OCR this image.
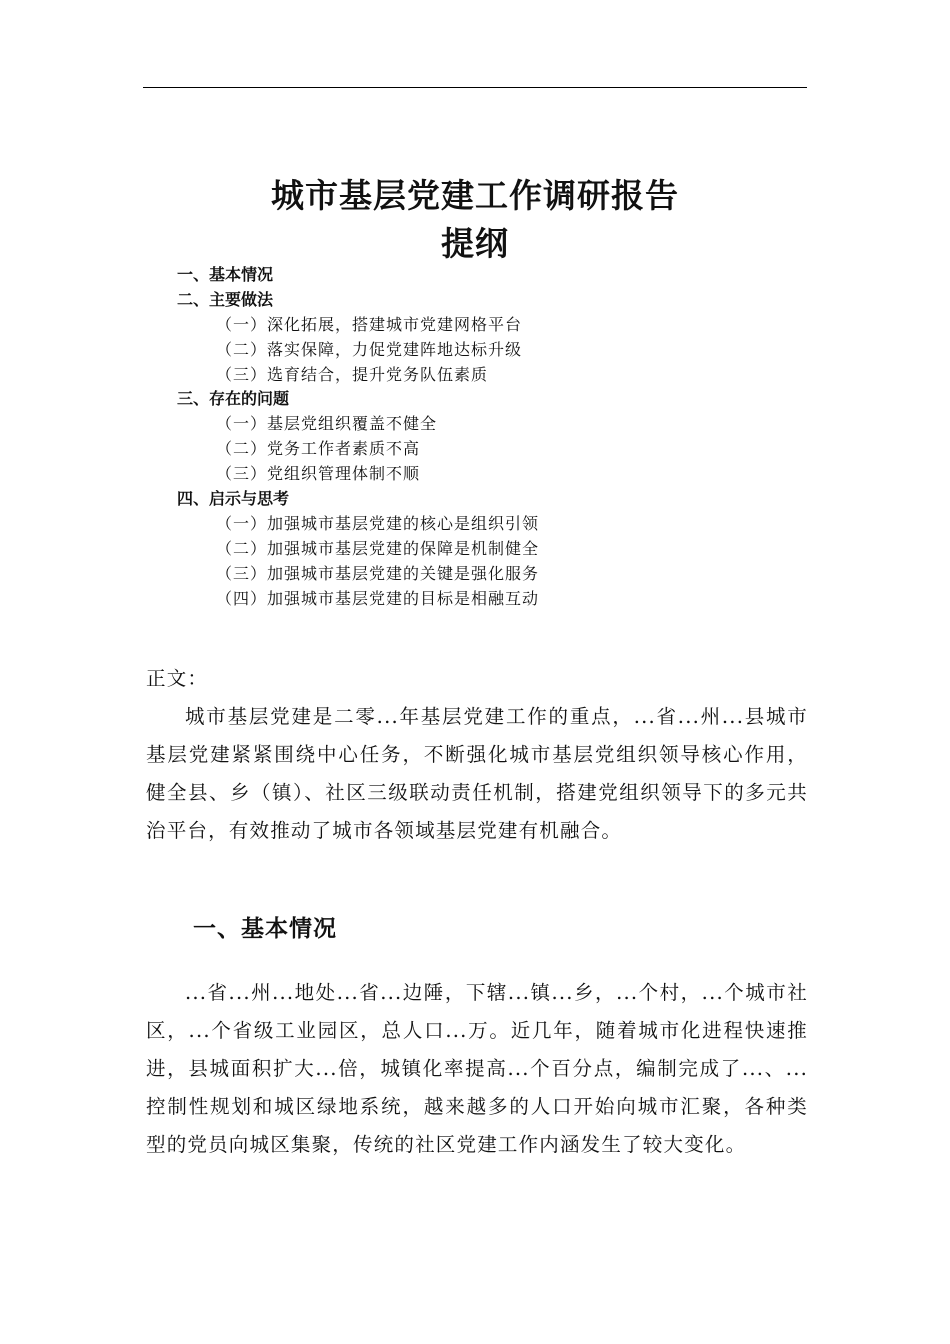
城市基层党建工作调研报告
提纲
一、基本情况
二、主要做法
（一）深化拓展，搭建城市党建网格平台
（二）落实保障，力促党建阵地达标升级
（三）选育结合，提升党务队伍素质
三、存在的问题
（一）基层党组织覆盖不健全
（二）党务工作者素质不高
（三）党组织管理体制不顺
四、启示与思考
（一）加强城市基层党建的核心是组织引领
（二）加强城市基层党建的保障是机制健全
（三）加强城市基层党建的关键是强化服务
（四）加强城市基层党建的目标是相融互动
正文：
城市基层党建是二零...年基层党建工作的重点，...省...州...县城市基层党建紧紧围绕中心任务，不断强化城市基层党组织领导核心作用，健全县、乡（镇）、社区三级联动责任机制，搭建党组织领导下的多元共治平台，有效推动了城市各领域基层党建有机融合。
一、基本情况
...省...州...地处...省...边陲，下辖...镇...乡，...个村，...个城市社区，...个省级工业园区，总人口...万。近几年，随着城市化进程快速推进，县城面积扩大...倍，城镇化率提高...个百分点，编制完成了...、...控制性规划和城区绿地系统，越来越多的人口开始向城市汇聚，各种类型的党员向城区集聚，传统的社区党建工作内涵发生了较大变化。
